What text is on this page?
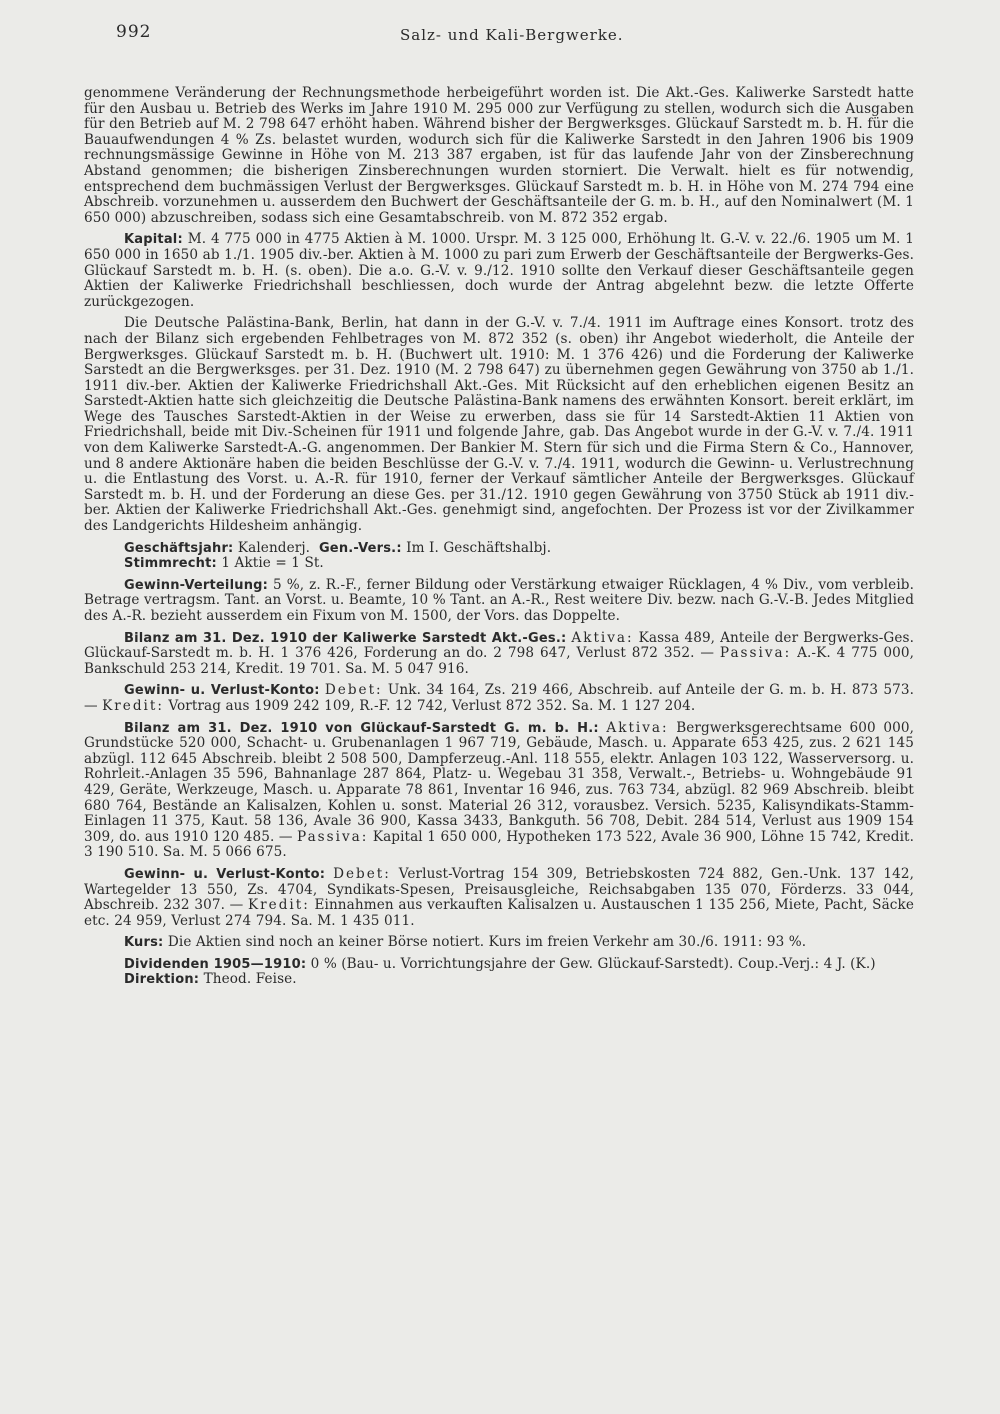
992	Salz- und Kali-Bergwerke.

genommene Veränderung der Rechnungsmethode herbeigeführt worden ist. Die Akt.-Ges. Kaliwerke Sarstedt hatte für den Ausbau u. Betrieb des Werks im Jahre 1910 M. 295 000 zur Verfügung zu stellen, wodurch sich die Ausgaben für den Betrieb auf M. 2 798 647 erhöht haben. Während bisher der Bergwerksges. Glückauf Sarstedt m. b. H. für die Bauaufwendungen 4 % Zs. belastet wurden, wodurch sich für die Kaliwerke Sarstedt in den Jahren 1906 bis 1909 rechnungsmässige Gewinne in Höhe von M. 213 387 ergaben, ist für das laufende Jahr von der Zinsberechnung Abstand genommen; die bisherigen Zinsberechnungen wurden storniert. Die Verwalt. hielt es für notwendig, entsprechend dem buchmässigen Verlust der Bergwerksges. Glückauf Sarstedt m. b. H. in Höhe von M. 274 794 eine Abschreib. vorzunehmen u. ausserdem den Buchwert der Geschäftsanteile der G. m. b. H., auf den Nominalwert (M. 1 650 000) abzuschreiben, sodass sich eine Gesamtabschreib. von M. 872 352 ergab.

Kapital: M. 4 775 000 in 4775 Aktien à M. 1000. Urspr. M. 3 125 000, Erhöhung lt. G.-V. v. 22./6. 1905 um M. 1 650 000 in 1650 ab 1./1. 1905 div.-ber. Aktien à M. 1000 zu pari zum Erwerb der Geschäftsanteile der Bergwerks-Ges. Glückauf Sarstedt m. b. H. (s. oben). Die a.o. G.-V. v. 9./12. 1910 sollte den Verkauf dieser Geschäftsanteile gegen Aktien der Kaliwerke Friedrichshall beschliessen, doch wurde der Antrag abgelehnt bezw. die letzte Offerte zurückgezogen.

Die Deutsche Palästina-Bank, Berlin, hat dann in der G.-V. v. 7./4. 1911 im Auftrage eines Konsort. trotz des nach der Bilanz sich ergebenden Fehlbetrages von M. 872 352 (s. oben) ihr Angebot wiederholt, die Anteile der Bergwerksges. Glückauf Sarstedt m. b. H. (Buchwert ult. 1910: M. 1 376 426) und die Forderung der Kaliwerke Sarstedt an die Bergwerksges. per 31. Dez. 1910 (M. 2 798 647) zu übernehmen gegen Gewährung von 3750 ab 1./1. 1911 div.-ber. Aktien der Kaliwerke Friedrichshall Akt.-Ges. Mit Rücksicht auf den erheblichen eigenen Besitz an Sarstedt-Aktien hatte sich gleichzeitig die Deutsche Palästina-Bank namens des erwähnten Konsort. bereit erklärt, im Wege des Tausches Sarstedt-Aktien in der Weise zu erwerben, dass sie für 14 Sarstedt-Aktien 11 Aktien von Friedrichshall, beide mit Div.-Scheinen für 1911 und folgende Jahre, gab. Das Angebot wurde in der G.-V. v. 7./4. 1911 von dem Kaliwerke Sarstedt-A.-G. angenommen. Der Bankier M. Stern für sich und die Firma Stern & Co., Hannover, und 8 andere Aktionäre haben die beiden Beschlüsse der G.-V. v. 7./4. 1911, wodurch die Gewinn- u. Verlustrechnung u. die Entlastung des Vorst. u. A.-R. für 1910, ferner der Verkauf sämtlicher Anteile der Bergwerksges. Glückauf Sarstedt m. b. H. und der Forderung an diese Ges. per 31./12. 1910 gegen Gewährung von 3750 Stück ab 1911 div.-ber. Aktien der Kaliwerke Friedrichshall Akt.-Ges. genehmigt sind, angefochten. Der Prozess ist vor der Zivilkammer des Landgerichts Hildesheim anhängig.

Geschäftsjahr: Kalenderj. Gen.-Vers.: Im I. Geschäftshalbj.

Stimmrecht: 1 Aktie = 1 St.

Gewinn-Verteilung: 5 %, z. R.-F., ferner Bildung oder Verstärkung etwaiger Rücklagen, 4 % Div., vom verbleib. Betrage vertragsm. Tant. an Vorst. u. Beamte, 10 % Tant. an A.-R., Rest weitere Div. bezw. nach G.-V.-B. Jedes Mitglied des A.-R. bezieht ausserdem ein Fixum von M. 1500, der Vors. das Doppelte.

Bilanz am 31. Dez. 1910 der Kaliwerke Sarstedt Akt.-Ges.: Aktiva: Kassa 489, Anteile der Bergwerks-Ges. Glückauf-Sarstedt m. b. H. 1 376 426, Forderung an do. 2 798 647, Verlust 872 352. — Passiva: A.-K. 4 775 000, Bankschuld 253 214, Kredit. 19 701. Sa. M. 5 047 916.

Gewinn- u. Verlust-Konto: Debet: Unk. 34 164, Zs. 219 466, Abschreib. auf Anteile der G. m. b. H. 873 573. — Kredit: Vortrag aus 1909 242 109, R.-F. 12 742, Verlust 872 352. Sa. M. 1 127 204.

Bilanz am 31. Dez. 1910 von Glückauf-Sarstedt G. m. b. H.: Aktiva: Bergwerksgerechtsame 600 000, Grundstücke 520 000, Schacht- u. Grubenanlagen 1 967 719, Gebäude, Masch. u. Apparate 653 425, zus. 2 621 145 abzügl. 112 645 Abschreib. bleibt 2 508 500, Dampferzeug.-Anl. 118 555, elektr. Anlagen 103 122, Wasserversorg. u. Rohrleit.-Anlagen 35 596, Bahnanlage 287 864, Platz- u. Wegebau 31 358, Verwalt.-, Betriebs- u. Wohngebäude 91 429, Geräte, Werkzeuge, Masch. u. Apparate 78 861, Inventar 16 946, zus. 763 734, abzügl. 82 969 Abschreib. bleibt 680 764, Bestände an Kalisalzen, Kohlen u. sonst. Material 26 312, vorausbez. Versich. 5235, Kalisyndikats-Stamm-Einlagen 11 375, Kaut. 58 136, Avale 36 900, Kassa 3433, Bankguth. 56 708, Debit. 284 514, Verlust aus 1909 154 309, do. aus 1910 120 485. — Passiva: Kapital 1 650 000, Hypotheken 173 522, Avale 36 900, Löhne 15 742, Kredit. 3 190 510. Sa. M. 5 066 675.

Gewinn- u. Verlust-Konto: Debet: Verlust-Vortrag 154 309, Betriebskosten 724 882, Gen.-Unk. 137 142, Wartegelder 13 550, Zs. 4704, Syndikats-Spesen, Preisausgleiche, Reichsabgaben 135 070, Förderzs. 33 044, Abschreib. 232 307. — Kredit: Einnahmen aus verkauften Kalisalzen u. Austauschen 1 135 256, Miete, Pacht, Säcke etc. 24 959, Verlust 274 794. Sa. M. 1 435 011.

Kurs: Die Aktien sind noch an keiner Börse notiert. Kurs im freien Verkehr am 30./6. 1911: 93 %.

Dividenden 1905—1910: 0 % (Bau- u. Vorrichtungsjahre der Gew. Glückauf-Sarstedt). Coup.-Verj.: 4 J. (K.)

Direktion: Theod. Feise.
